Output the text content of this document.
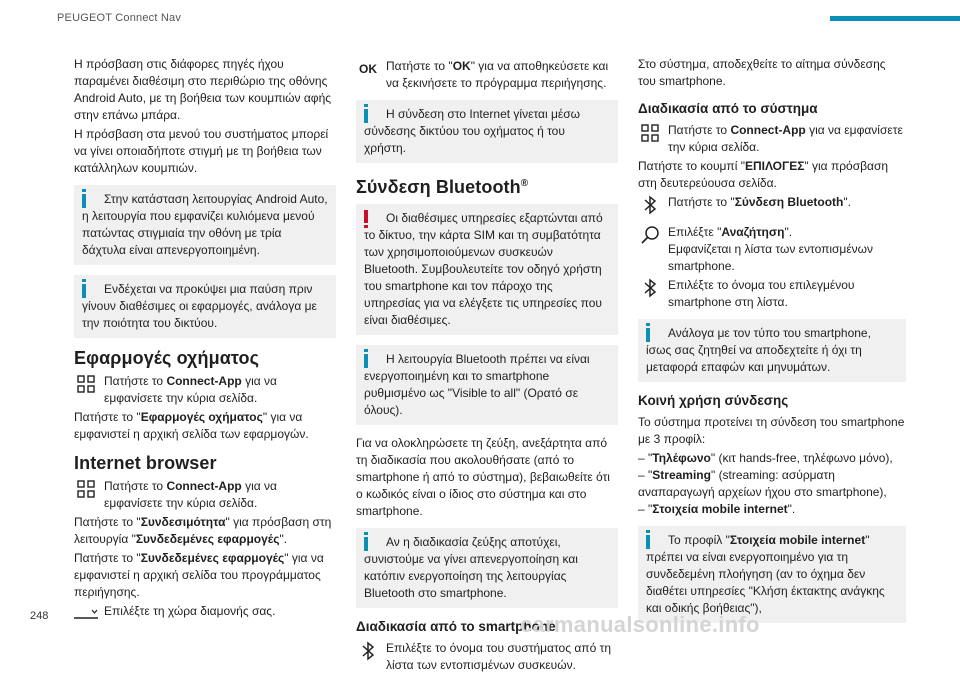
PEUGEOT Connect Nav

Η πρόσβαση στις διάφορες πηγές ήχου παραμένει διαθέσιμη στο περιθώριο της οθόνης Android Auto, με τη βοήθεια των κουμπιών αφής στην επάνω μπάρα.

Η πρόσβαση στα μενού του συστήματος μπορεί να γίνει οποιαδήποτε στιγμή με τη βοήθεια των κατάλληλων κουμπιών.

Στην κατάσταση λειτουργίας Android Auto, η λειτουργία που εμφανίζει κυλιόμενα μενού πατώντας στιγμιαία την οθόνη με τρία δάχτυλα είναι απενεργοποιημένη.
Ενδέχεται να προκύψει μια παύση πριν γίνουν διαθέσιμες οι εφαρμογές, ανάλογα με την ποιότητα του δικτύου.
Εφαρμογές οχήματος
Πατήστε το Connect-App για να εμφανίσετε την κύρια σελίδα.

Πατήστε το "Εφαρμογές οχήματος" για να εμφανιστεί η αρχική σελίδα των εφαρμογών.

Internet browser
Πατήστε το Connect-App για να εμφανίσετε την κύρια σελίδα.

Πατήστε το "Συνδεσιμότητα" για πρόσβαση στη λειτουργία "Συνδεδεμένες εφαρμογές".

Πατήστε το "Συνδεδεμένες εφαρμογές" για να εμφανιστεί η αρχική σελίδα του προγράμματος περιήγησης.

Επιλέξτε τη χώρα διαμονής σας.
OK Πατήστε το "OK" για να αποθηκεύσετε και να ξεκινήσετε το πρόγραμμα περιήγησης.
Η σύνδεση στο Internet γίνεται μέσω σύνδεσης δικτύου του οχήματος ή του χρήστη.
Σύνδεση Bluetooth®
Οι διαθέσιμες υπηρεσίες εξαρτώνται από το δίκτυο, την κάρτα SIM και τη συμβατότητα των χρησιμοποιούμενων συσκευών Bluetooth. Συμβουλευτείτε τον οδηγό χρήστη του smartphone και τον πάροχο της υπηρεσίας για να ελέγξετε τις υπηρεσίες που είναι διαθέσιμες.
Η λειτουργία Bluetooth πρέπει να είναι ενεργοποιημένη και το smartphone ρυθμισμένο ως "Visible to all" (Ορατό σε όλους).

Για να ολοκληρώσετε τη ζεύξη, ανεξάρτητα από τη διαδικασία που ακολουθήσατε (από το smartphone ή από το σύστημα), βεβαιωθείτε ότι ο κωδικός είναι ο ίδιος στο σύστημα και στο smartphone.

Αν η διαδικασία ζεύξης αποτύχει, συνιστούμε να γίνει απενεργοποίηση και κατόπιν ενεργοποίηση της λειτουργίας Bluetooth στο smartphone.
Διαδικασία από το smartphone
Επιλέξτε το όνομα του συστήματος από τη λίστα των εντοπισμένων συσκευών.

Στο σύστημα, αποδεχθείτε το αίτημα σύνδεσης του smartphone.

Διαδικασία από το σύστημα
Πατήστε το Connect-App για να εμφανίσετε την κύρια σελίδα.

Πατήστε το κουμπί "ΕΠΙΛΟΓΕΣ" για πρόσβαση στη δευτερεύουσα σελίδα.

Πατήστε το "Σύνδεση Bluetooth".
Επιλέξτε "Αναζήτηση".
Εμφανίζεται η λίστα των εντοπισμένων smartphone.
Επιλέξτε το όνομα του επιλεγμένου smartphone στη λίστα.
Ανάλογα με τον τύπο του smartphone, ίσως σας ζητηθεί να αποδεχτείτε ή όχι τη μεταφορά επαφών και μηνυμάτων.
Κοινή χρήση σύνδεσης

Το σύστημα προτείνει τη σύνδεση του smartphone με 3 προφίλ:

– "Τηλέφωνο" (κιτ hands-free, τηλέφωνο μόνο),

– "Streaming" (streaming: ασύρματη αναπαραγωγή αρχείων ήχου στο smartphone),

– "Στοιχεία mobile internet".

Το προφίλ "Στοιχεία mobile internet" πρέπει να είναι ενεργοποιημένο για τη συνδεδεμένη πλοήγηση (αν το όχημα δεν διαθέτει υπηρεσίες "Κλήση έκτακτης ανάγκης και οδικής βοήθειας"),
248	carmanualsonline.info
